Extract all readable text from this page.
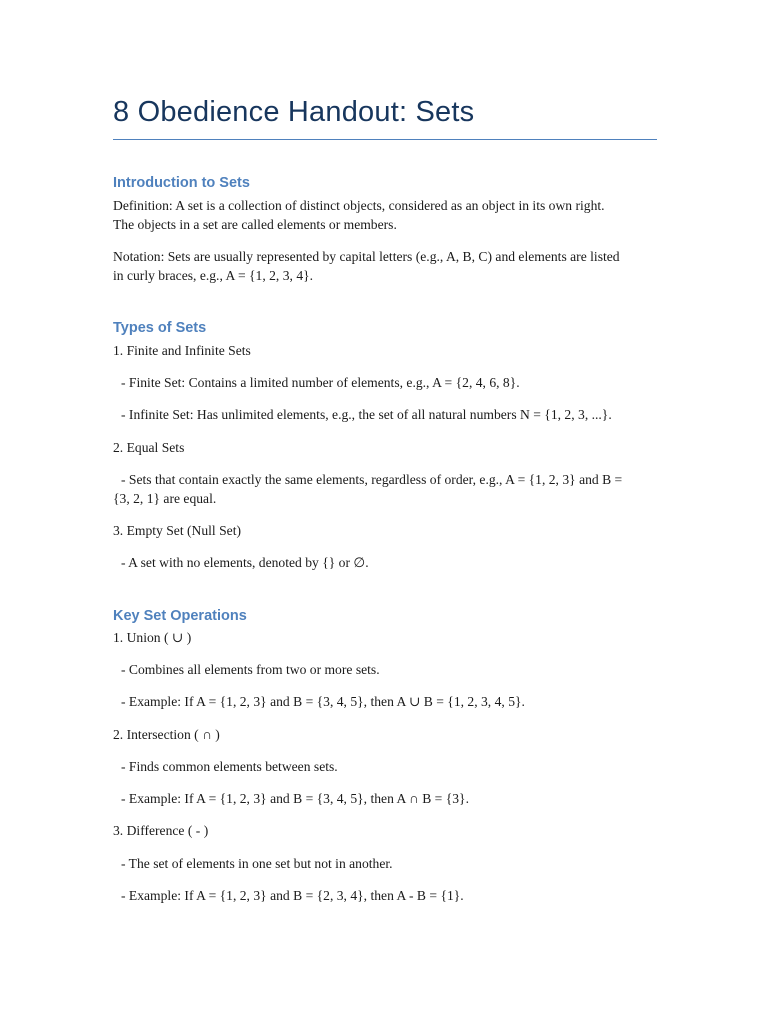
8 Obedience Handout: Sets
Introduction to Sets
Definition: A set is a collection of distinct objects, considered as an object in its own right.
The objects in a set are called elements or members.
Notation: Sets are usually represented by capital letters (e.g., A, B, C) and elements are listed
in curly braces, e.g., A = {1, 2, 3, 4}.
Types of Sets
1. Finite and Infinite Sets
- Finite Set: Contains a limited number of elements, e.g., A = {2, 4, 6, 8}.
- Infinite Set: Has unlimited elements, e.g., the set of all natural numbers N = {1, 2, 3, ...}.
2. Equal Sets
- Sets that contain exactly the same elements, regardless of order, e.g., A = {1, 2, 3} and B =
{3, 2, 1} are equal.
3. Empty Set (Null Set)
- A set with no elements, denoted by {} or ∅.
Key Set Operations
1. Union ( ∪ )
- Combines all elements from two or more sets.
- Example: If A = {1, 2, 3} and B = {3, 4, 5}, then A ∪ B = {1, 2, 3, 4, 5}.
2. Intersection ( ∩ )
- Finds common elements between sets.
- Example: If A = {1, 2, 3} and B = {3, 4, 5}, then A ∩ B = {3}.
3. Difference ( - )
- The set of elements in one set but not in another.
- Example: If A = {1, 2, 3} and B = {2, 3, 4}, then A - B = {1}.
